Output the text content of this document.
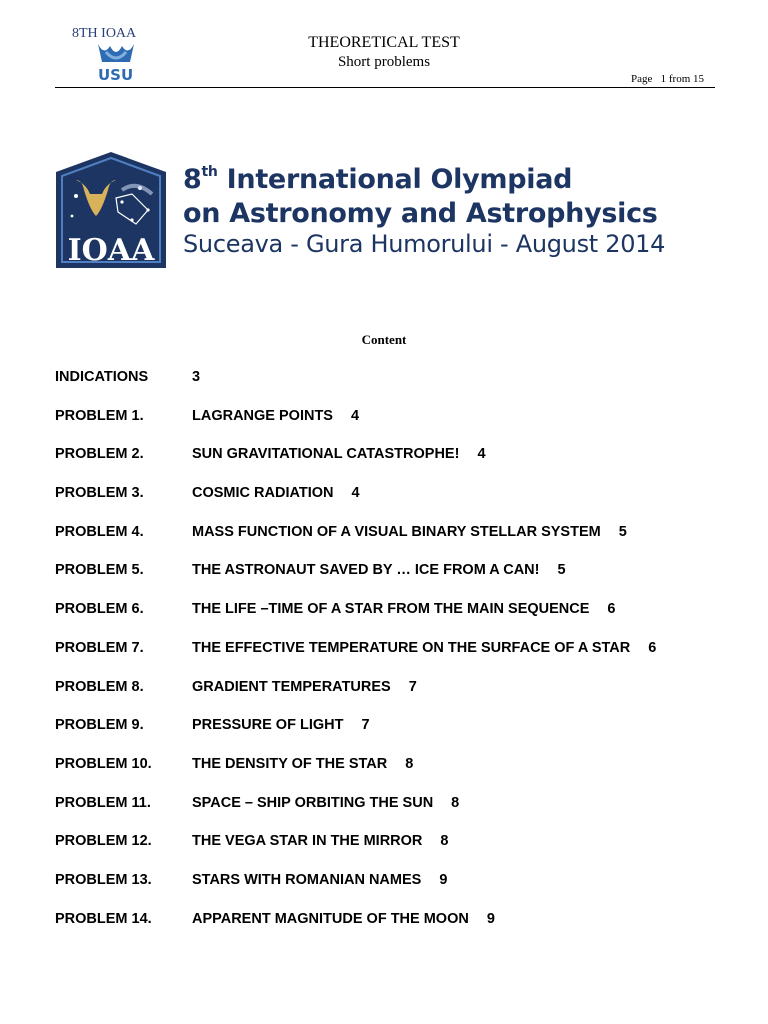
8TH IOAA
USU
THEORETICAL TEST
Short problems
Page   1 from 15
IOAA
8th International Olympiad
on Astronomy and Astrophysics
Suceava - Gura Humorului - August 2014
Content
INDICATIONS	3
PROBLEM 1.	LAGRANGE POINTS 4
PROBLEM 2.	SUN GRAVITATIONAL CATASTROPHE! 4
PROBLEM 3.	COSMIC RADIATION 4
PROBLEM 4.	MASS FUNCTION OF A VISUAL BINARY STELLAR SYSTEM 5
PROBLEM 5.	THE ASTRONAUT SAVED BY … ICE FROM A CAN! 5
PROBLEM 6.	THE LIFE –TIME OF A STAR FROM THE MAIN SEQUENCE 6
PROBLEM 7.	THE EFFECTIVE TEMPERATURE ON THE SURFACE OF A STAR 6
PROBLEM 8.	GRADIENT TEMPERATURES 7
PROBLEM 9.	PRESSURE OF LIGHT 7
PROBLEM 10.	THE DENSITY OF THE STAR 8
PROBLEM 11.	SPACE – SHIP ORBITING THE SUN 8
PROBLEM 12.	THE VEGA STAR IN THE MIRROR 8
PROBLEM 13.	STARS WITH ROMANIAN NAMES 9
PROBLEM 14.	APPARENT MAGNITUDE OF THE MOON 9
